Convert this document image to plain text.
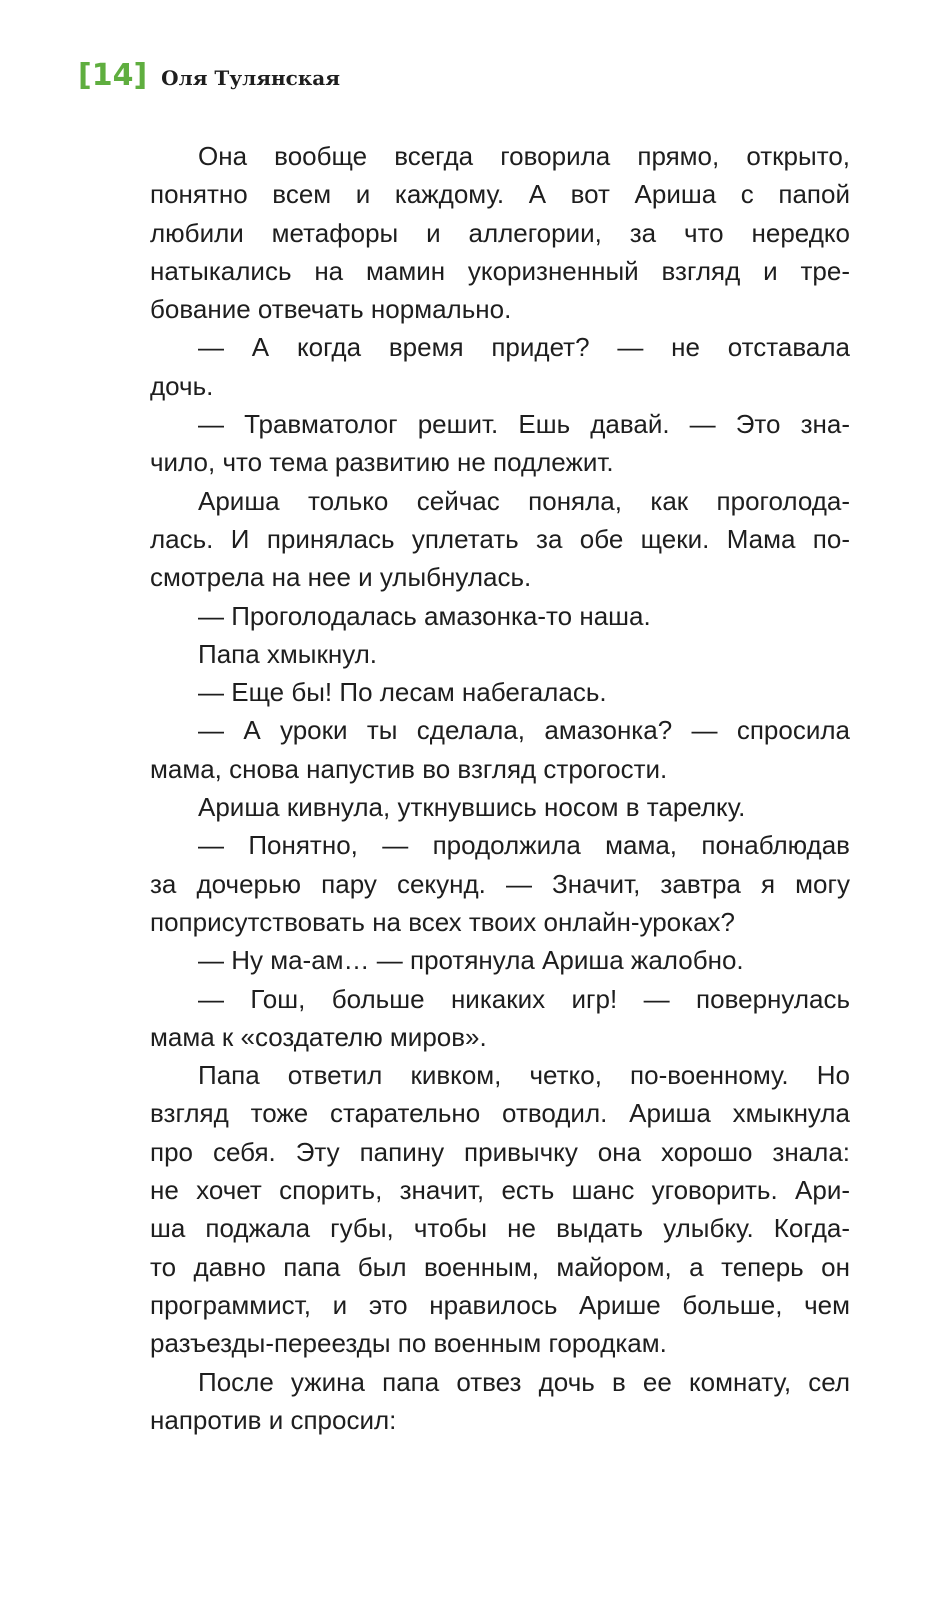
[14] Оля Тулянская
Она вообще всегда говорила прямо, открыто,
понятно всем и каждому. А вот Ариша с папой
любили метафоры и аллегории, за что нередко
натыкались на мамин укоризненный взгляд и тре-
бование отвечать нормально.
— А когда время придет? — не отставала
дочь.
— Травматолог решит. Ешь давай. — Это зна-
чило, что тема развитию не подлежит.
Ариша только сейчас поняла, как проголода-
лась. И принялась уплетать за обе щеки. Мама по-
смотрела на нее и улыбнулась.
— Проголодалась амазонка-то наша.
Папа хмыкнул.
— Еще бы! По лесам набегалась.
— А уроки ты сделала, амазонка? — спросила
мама, снова напустив во взгляд строгости.
Ариша кивнула, уткнувшись носом в тарелку.
— Понятно, — продолжила мама, понаблюдав
за дочерью пару секунд. — Значит, завтра я могу
поприсутствовать на всех твоих онлайн-уроках?
— Ну ма-ам… — протянула Ариша жалобно.
— Гош, больше никаких игр! — повернулась
мама к «создателю миров».
Папа ответил кивком, четко, по-военному. Но
взгляд тоже старательно отводил. Ариша хмыкнула
про себя. Эту папину привычку она хорошо знала:
не хочет спорить, значит, есть шанс уговорить. Ари-
ша поджала губы, чтобы не выдать улыбку. Когда-
то давно папа был военным, майором, а теперь он
программист, и это нравилось Арише больше, чем
разъезды-переезды по военным городкам.
После ужина папа отвез дочь в ее комнату, сел
напротив и спросил:
